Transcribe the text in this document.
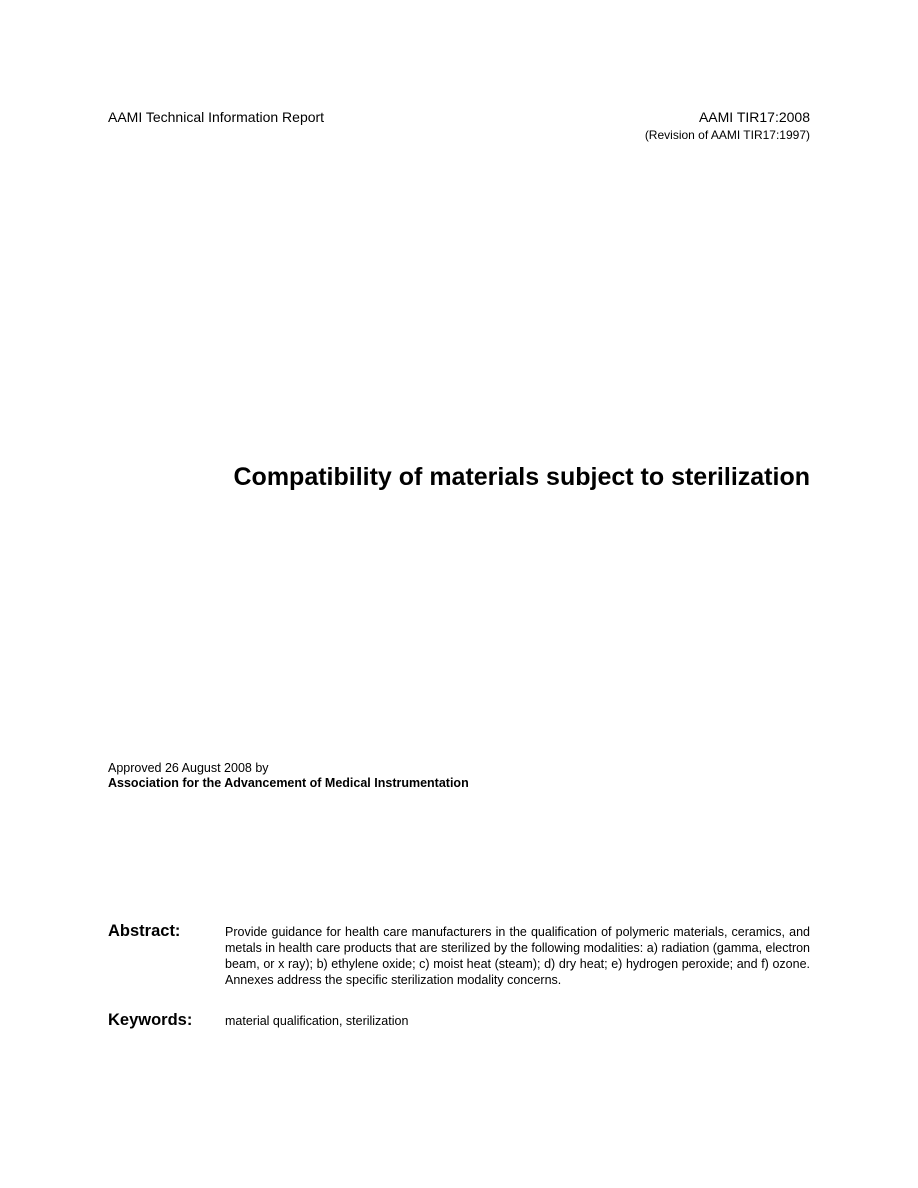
AAMI Technical Information Report	AAMI TIR17:2008
(Revision of AAMI TIR17:1997)
Compatibility of materials subject to sterilization
Approved 26 August 2008 by
Association for the Advancement of Medical Instrumentation
Abstract:	Provide guidance for health care manufacturers in the qualification of polymeric materials, ceramics, and metals in health care products that are sterilized by the following modalities: a) radiation (gamma, electron beam, or x ray); b) ethylene oxide; c) moist heat (steam); d) dry heat; e) hydrogen peroxide; and f) ozone. Annexes address the specific sterilization modality concerns.
Keywords:	material qualification, sterilization
